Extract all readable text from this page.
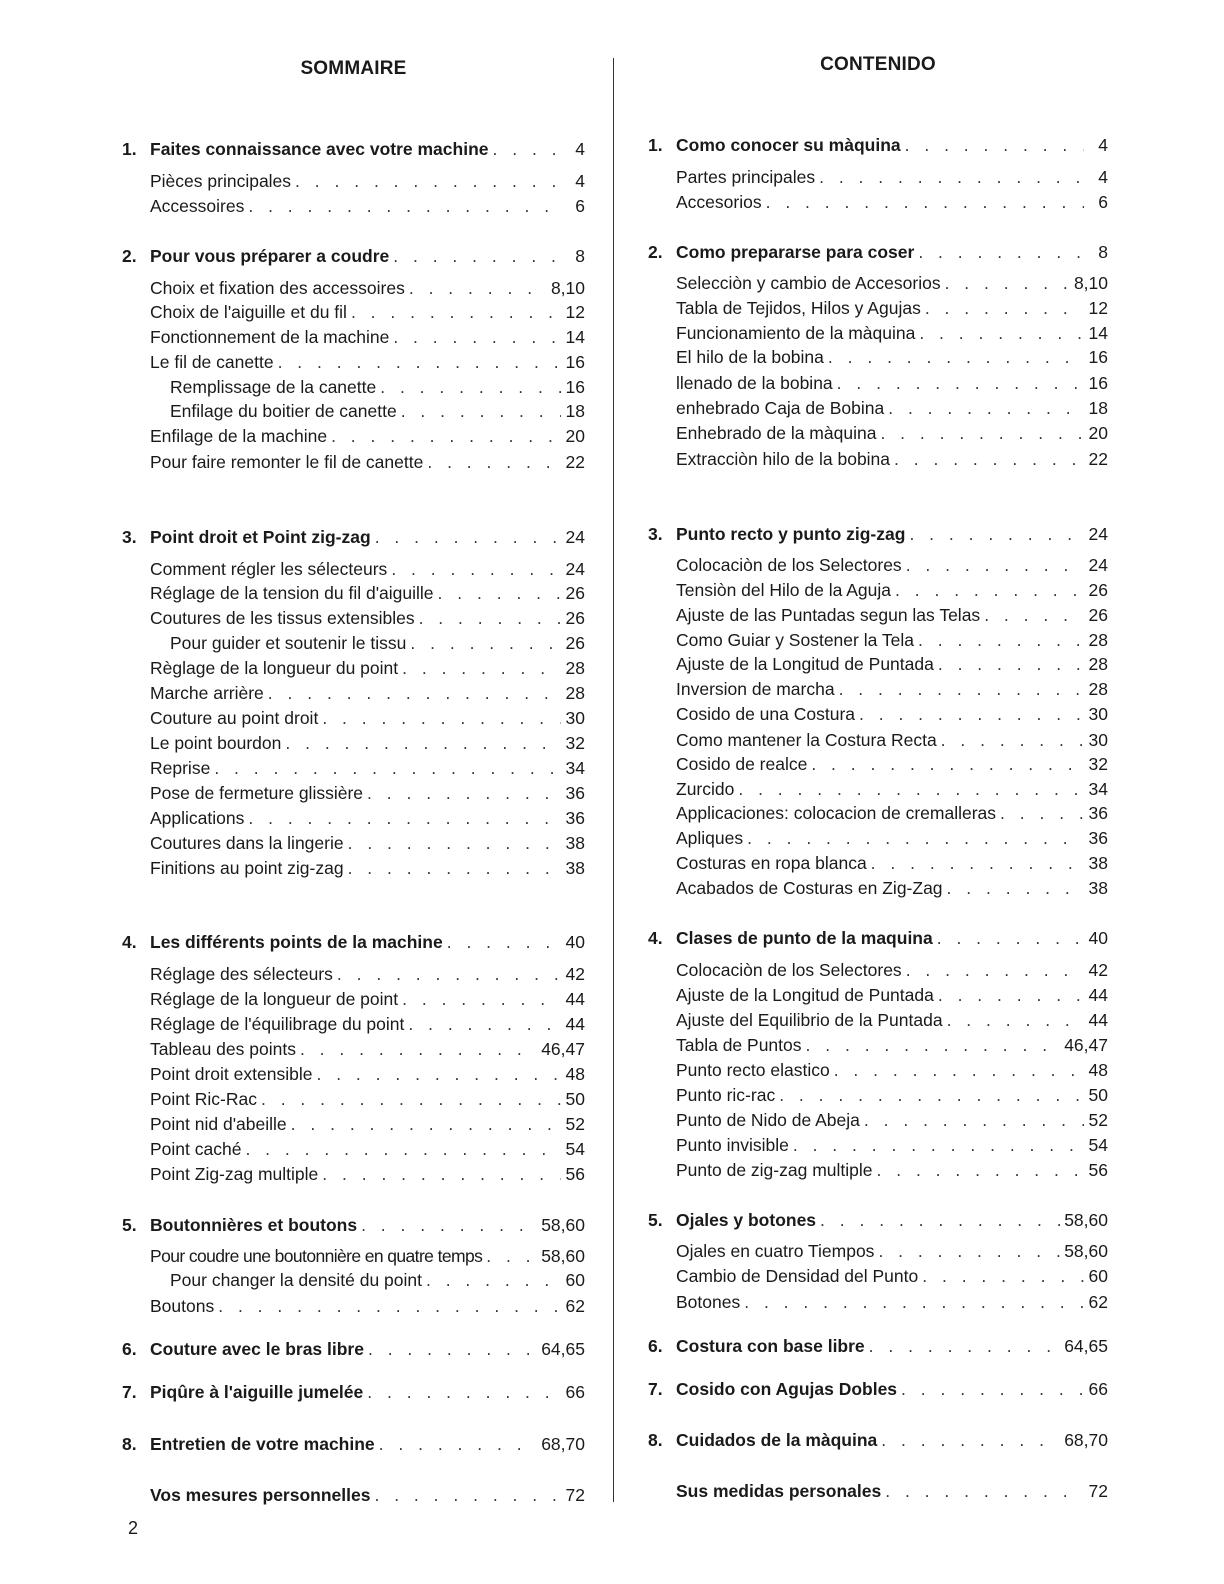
SOMMAIRE
1. Faites connaissance avec votre machine . . .	4
Pièces principales . . .	4
Accessoires . . .	6
2. Pour vous préparer a coudre . . .	8
Choix et fixation des accessoires . . .	8,10
Choix de l'aiguille et du fil . . .	12
Fonctionnement de la machine . . .	14
Le fil de canette . . .	16
Remplissage de la canette . . .	16
Enfilage du boitier de canette . . .	18
Enfilage de la machine . . .	20
Pour faire remonter le fil de canette . . .	22
3. Point droit et Point zig-zag . . .	24
Comment régler les sélecteurs . . .	24
Réglage de la tension du fil d'aiguille . . .	26
Coutures de les tissus extensibles . . .	26
Pour guider et soutenir le tissu . . .	26
Règlage de la longueur du point . . .	28
Marche arrière . . .	28
Couture au point droit . . .	30
Le point bourdon . . .	32
Reprise . . .	34
Pose de fermeture glissière . . .	36
Applications . . .	36
Coutures dans la lingerie . . .	38
Finitions au point zig-zag . . .	38
4. Les différents points de la machine . . .	40
Réglage des sélecteurs . . .	42
Réglage de la longueur de point . . .	44
Réglage de l'équilibrage du point . . .	44
Tableau des points . . .	46,47
Point droit extensible . . .	48
Point Ric-Rac . . .	50
Point nid d'abeille . . .	52
Point caché . . .	54
Point Zig-zag multiple . . .	56
5. Boutonnières et boutons . . .	58,60
Pour coudre une boutonnière en quatre temps . . .	58,60
Pour changer la densité du point . . .	60
Boutons . . .	62
6. Couture avec le bras libre . . .	64,65
7. Piqûre à l'aiguille jumelée . . .	66
8. Entretien de votre machine . . .	68,70
Vos mesures personnelles . . .	72
CONTENIDO
1. Como conocer su màquina . . .	4
Partes principales . . .	4
Accesorios . . .	6
2. Como prepararse para coser . . .	8
Selecciòn y cambio de Accesorios . . .	8,10
Tabla de Tejidos, Hilos y Agujas . . .	12
Funcionamiento de la màquina . . .	14
El hilo de la bobina . . .	16
llenado de la bobina . . .	16
enhebrado Caja de Bobina . . .	18
Enhebrado de la màquina . . .	20
Extracciòn hilo de la bobina . . .	22
3. Punto recto y punto zig-zag . . .	24
Colocaciòn de los Selectores . . .	24
Tensiòn del Hilo de la Aguja . . .	26
Ajuste de las Puntadas segun las Telas . . .	26
Como Guiar y Sostener la Tela . . .	28
Ajuste de la Longitud de Puntada . . .	28
Inversion de marcha . . .	28
Cosido de una Costura . . .	30
Como mantener la Costura Recta . . .	30
Cosido de realce . . .	32
Zurcido . . .	34
Applicaciones: colocacion de cremalleras . . .	36
Apliques . . .	36
Costuras en ropa blanca . . .	38
Acabados de Costuras en Zig-Zag . . .	38
4. Clases de punto de la maquina . . .	40
Colocaciòn de los Selectores . . .	42
Ajuste de la Longitud de Puntada . . .	44
Ajuste del Equilibrio de la Puntada . . .	44
Tabla de Puntos . . .	46,47
Punto recto elastico . . .	48
Punto ric-rac . . .	50
Punto de Nido de Abeja . . .	52
Punto invisible . . .	54
Punto de zig-zag multiple . . .	56
5. Ojales y botones . . .	58,60
Ojales en cuatro Tiempos . . .	58,60
Cambio de Densidad del Punto . . .	60
Botones . . .	62
6. Costura con base libre . . .	64,65
7. Cosido con Agujas Dobles . . .	66
8. Cuidados de la màquina . . .	68,70
Sus medidas personales . . .	72
2
